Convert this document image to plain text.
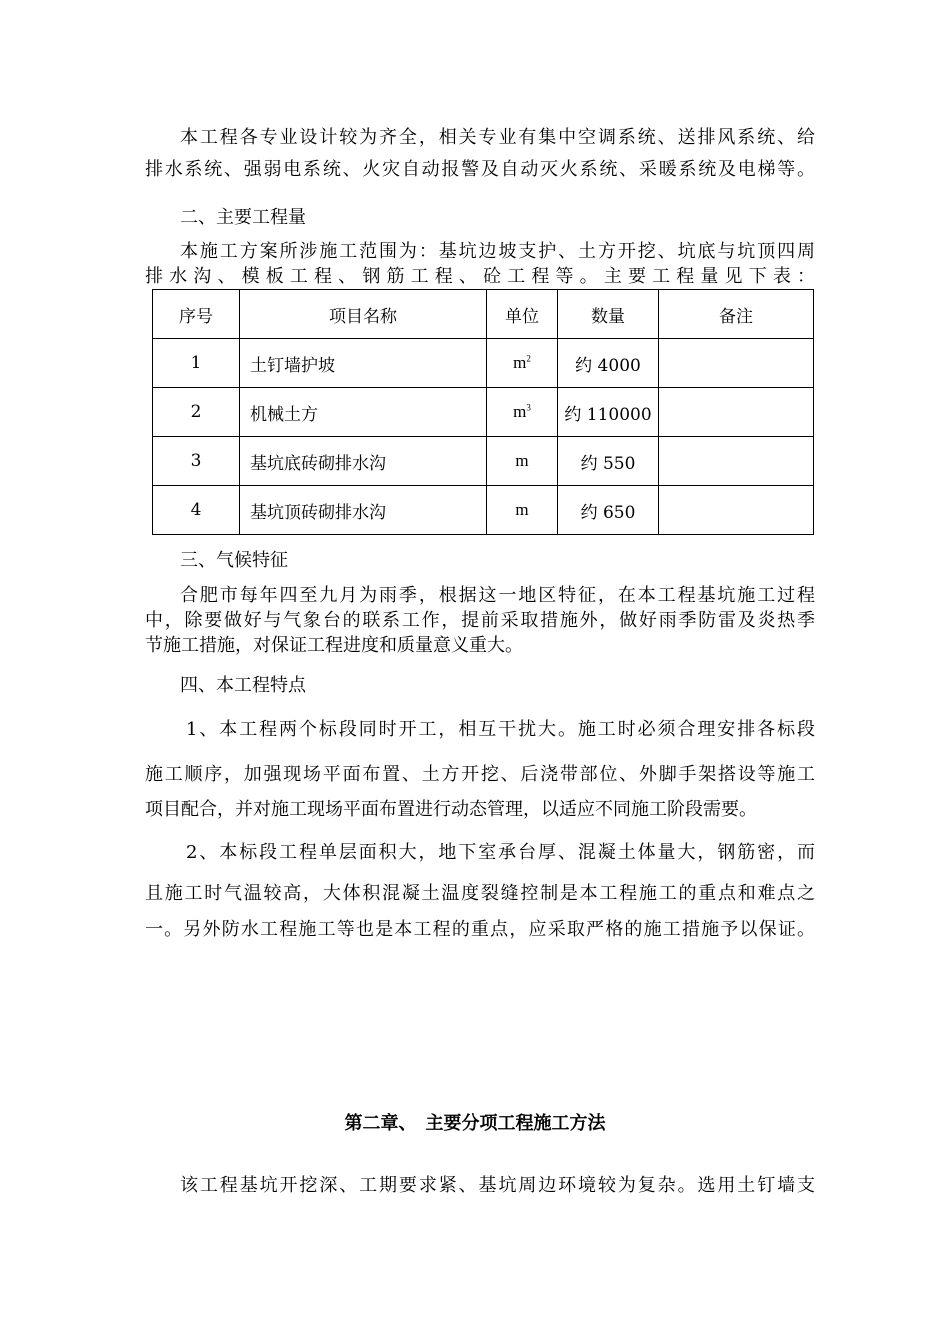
本工程各专业设计较为齐全，相关专业有集中空调系统、送排风系统、给
排水系统、强弱电系统、火灾自动报警及自动灭火系统、采暖系统及电梯等。
二、主要工程量
本施工方案所涉施工范围为：基坑边坡支护、土方开挖、坑底与坑顶四周
排水沟、模板工程、钢筋工程、砼工程等。主要工程量见下表：
序号	项目名称	单位	数量	备注
1	土钉墙护坡	$m^2$	约 4000	
2	机械土方	$m^3$	约 110000	
3	基坑底砖砌排水沟	m	约 550	
4	基坑顶砖砌排水沟	m	约 650	
三、气候特征
合肥市每年四至九月为雨季，根据这一地区特征，在本工程基坑施工过程
中，除要做好与气象台的联系工作，提前采取措施外，做好雨季防雷及炎热季
节施工措施，对保证工程进度和质量意义重大。
四、本工程特点
1、本工程两个标段同时开工，相互干扰大。施工时必须合理安排各标段
施工顺序，加强现场平面布置、土方开挖、后浇带部位、外脚手架搭设等施工
项目配合，并对施工现场平面布置进行动态管理，以适应不同施工阶段需要。
2、本标段工程单层面积大，地下室承台厚、混凝土体量大，钢筋密，而
且施工时气温较高，大体积混凝土温度裂缝控制是本工程施工的重点和难点之
一。另外防水工程施工等也是本工程的重点，应采取严格的施工措施予以保证。
第二章、　主要分项工程施工方法
该工程基坑开挖深、工期要求紧、基坑周边环境较为复杂。选用土钉墙支
